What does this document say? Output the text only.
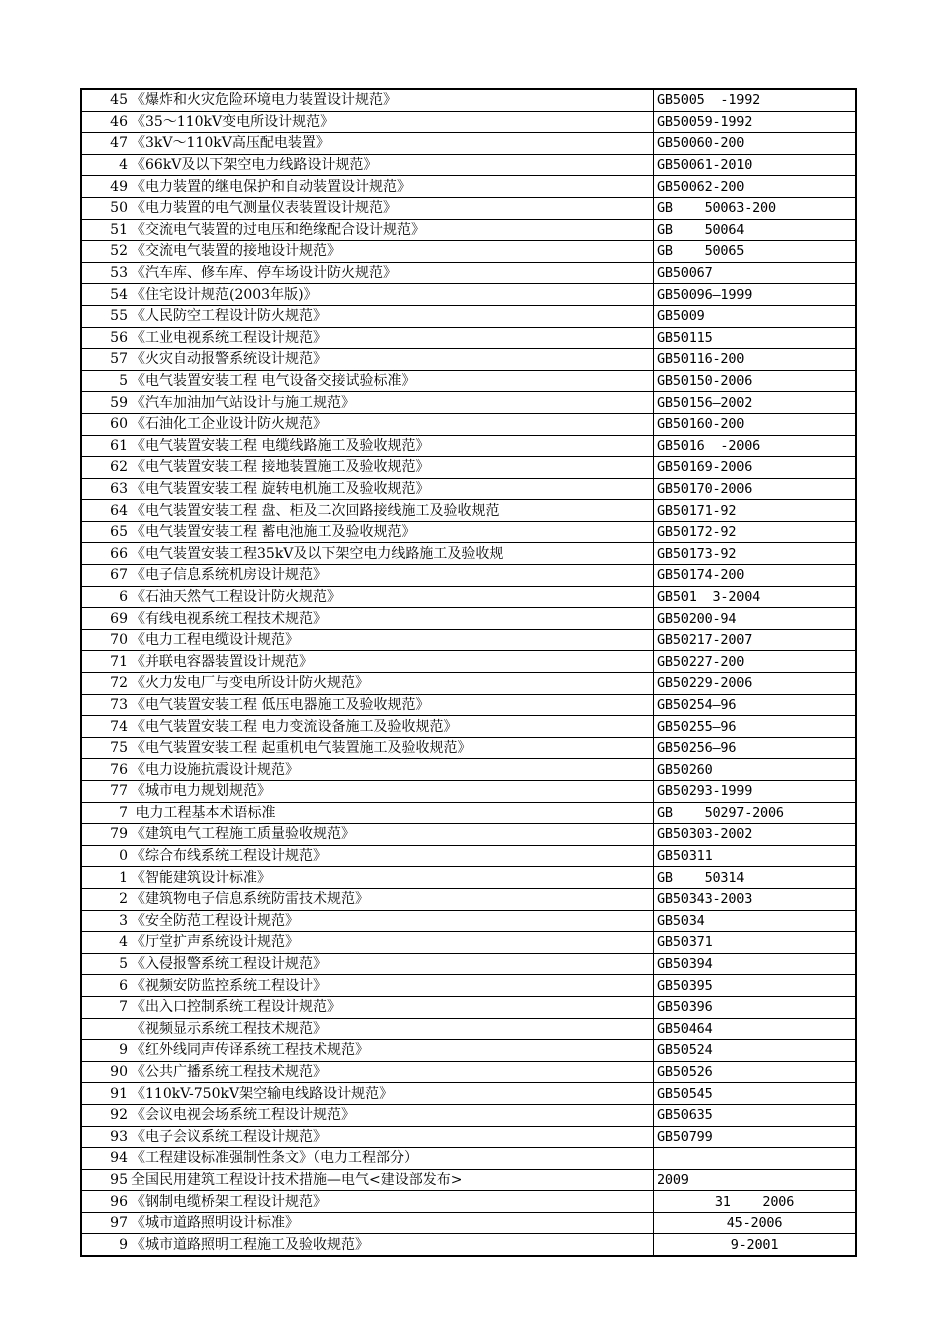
45	《爆炸和火灾危险环境电力装置设计规范》	GB5005  -1992
46	《35～110kV变电所设计规范》	GB50059-1992
47	《3kV～110kV高压配电装置》	GB50060-200
4	《66kV及以下架空电力线路设计规范》	GB50061-2010
49	《电力装置的继电保护和自动装置设计规范》	GB50062-200
50	《电力装置的电气测量仪表装置设计规范》	GB    50063-200
51	《交流电气装置的过电压和绝缘配合设计规范》	GB    50064
52	《交流电气装置的接地设计规范》	GB    50065
53	《汽车库、修车库、停车场设计防火规范》	GB50067
54	《住宅设计规范(2003年版)》	GB50096—1999
55	《人民防空工程设计防火规范》	GB5009
56	《工业电视系统工程设计规范》	GB50115
57	《火灾自动报警系统设计规范》	GB50116-200
5	《电气装置安装工程 电气设备交接试验标准》	GB50150-2006
59	《汽车加油加气站设计与施工规范》	GB50156—2002
60	《石油化工企业设计防火规范》	GB50160-200
61	《电气装置安装工程 电缆线路施工及验收规范》	GB5016  -2006
62	《电气装置安装工程 接地装置施工及验收规范》	GB50169-2006
63	《电气装置安装工程 旋转电机施工及验收规范》	GB50170-2006
64	《电气装置安装工程 盘、柜及二次回路接线施工及验收规范	GB50171-92
65	《电气装置安装工程 蓄电池施工及验收规范》	GB50172-92
66	《电气装置安装工程35kV及以下架空电力线路施工及验收规	GB50173-92
67	《电子信息系统机房设计规范》	GB50174-200
6	《石油天然气工程设计防火规范》	GB501  3-2004
69	《有线电视系统工程技术规范》	GB50200-94
70	《电力工程电缆设计规范》	GB50217-2007
71	《并联电容器装置设计规范》	GB50227-200
72	《火力发电厂与变电所设计防火规范》	GB50229-2006
73	《电气装置安装工程 低压电器施工及验收规范》	GB50254—96
74	《电气装置安装工程 电力变流设备施工及验收规范》	GB50255—96
75	《电气装置安装工程 起重机电气装置施工及验收规范》	GB50256—96
76	《电力设施抗震设计规范》	GB50260
77	《城市电力规划规范》	GB50293-1999
7	电力工程基本术语标准	GB    50297-2006
79	《建筑电气工程施工质量验收规范》	GB50303-2002
0	《综合布线系统工程设计规范》	GB50311
1	《智能建筑设计标准》	GB    50314
2	《建筑物电子信息系统防雷技术规范》	GB50343-2003
3	《安全防范工程设计规范》	GB5034
4	《厅堂扩声系统设计规范》	GB50371
5	《入侵报警系统工程设计规范》	GB50394
6	《视频安防监控系统工程设计》	GB50395
7	《出入口控制系统工程设计规范》	GB50396
	《视频显示系统工程技术规范》	GB50464
9	《红外线同声传译系统工程技术规范》	GB50524
90	《公共广播系统工程技术规范》	GB50526
91	《110kV-750kV架空输电线路设计规范》	GB50545
92	《会议电视会场系统工程设计规范》	GB50635
93	《电子会议系统工程设计规范》	GB50799
94	《工程建设标准强制性条文》（电力工程部分）	
95	全国民用建筑工程设计技术措施—电气<建设部发布>	2009
96	《钢制电缆桥架工程设计规范》	31    2006
97	《城市道路照明设计标准》	45-2006
9	《城市道路照明工程施工及验收规范》	9-2001
